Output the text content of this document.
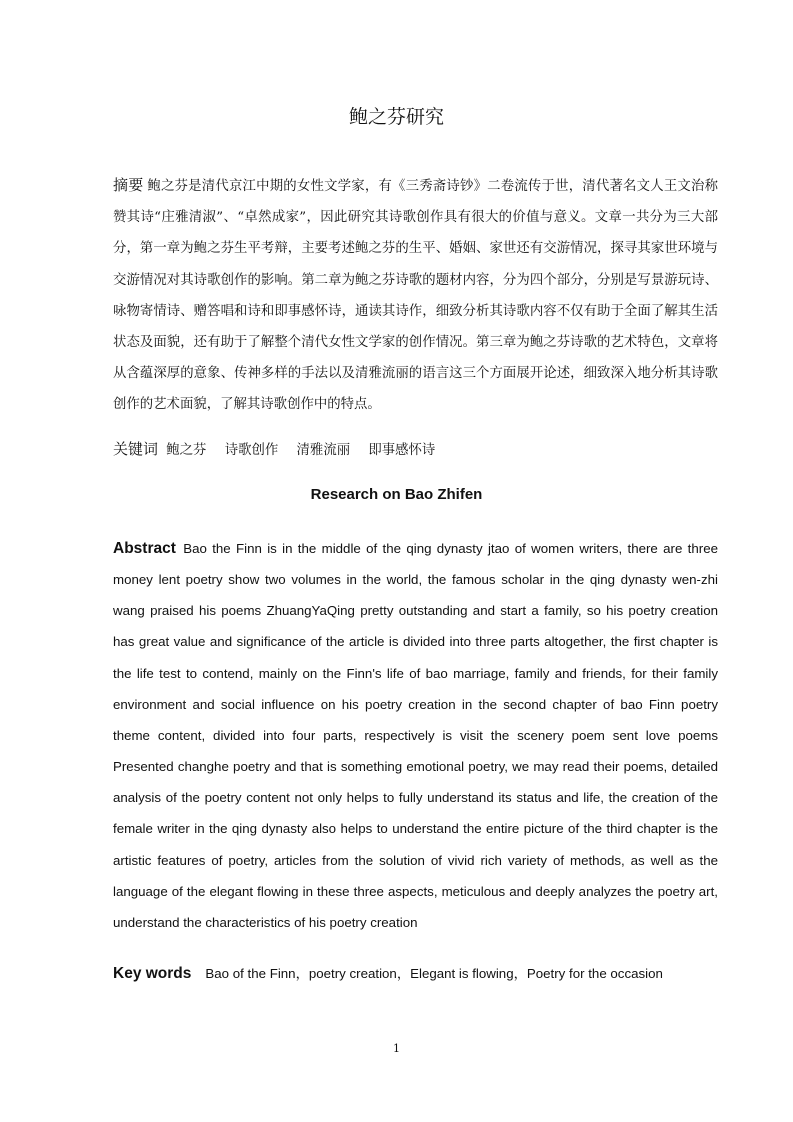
鲍之芬研究

摘要 鲍之芬是清代京江中期的女性文学家，有《三秀斋诗钞》二卷流传于世，清代著名文人王文治称赞其诗“庄雅清淑”、“卓然成家”，因此研究其诗歌创作具有很大的价值与意义。文章一共分为三大部分，第一章为鲍之芬生平考辩，主要考述鲍之芬的生平、婚姻、家世还有交游情况，探寻其家世环境与交游情况对其诗歌创作的影响。第二章为鲍之芬诗歌的题材内容，分为四个部分，分别是写景游玩诗、咏物寄情诗、赠答唱和诗和即事感怀诗，通读其诗作，细致分析其诗歌内容不仅有助于全面了解其生活状态及面貌，还有助于了解整个清代女性文学家的创作情况。第三章为鲍之芬诗歌的艺术特色，文章将从含蕴深厚的意象、传神多样的手法以及清雅流丽的语言这三个方面展开论述，细致深入地分析其诗歌创作的艺术面貌，了解其诗歌创作中的特点。

关键词 鲍之芬 诗歌创作 清雅流丽 即事感怀诗

Research on Bao Zhifen

Abstract Bao the Finn is in the middle of the qing dynasty jtao of women writers, there are three money lent poetry show two volumes in the world, the famous scholar in the qing dynasty wen-zhi wang praised his poems ZhuangYaQing pretty outstanding and start a family, so his poetry creation has great value and significance of the article is divided into three parts altogether, the first chapter is the life test to contend, mainly on the Finn's life of bao marriage, family and friends, for their family environment and social influence on his poetry creation in the second chapter of bao Finn poetry theme content, divided into four parts, respectively is visit the scenery poem sent love poems Presented changhe poetry and that is something emotional poetry, we may read their poems, detailed analysis of the poetry content not only helps to fully understand its status and life, the creation of the female writer in the qing dynasty also helps to understand the entire picture of the third chapter is the artistic features of poetry, articles from the solution of vivid rich variety of methods, as well as the language of the elegant flowing in these three aspects, meticulous and deeply analyzes the poetry art, understand the characteristics of his poetry creation

Key words Bao of the Finn，poetry creation，Elegant is flowing，Poetry for the occasion

1
